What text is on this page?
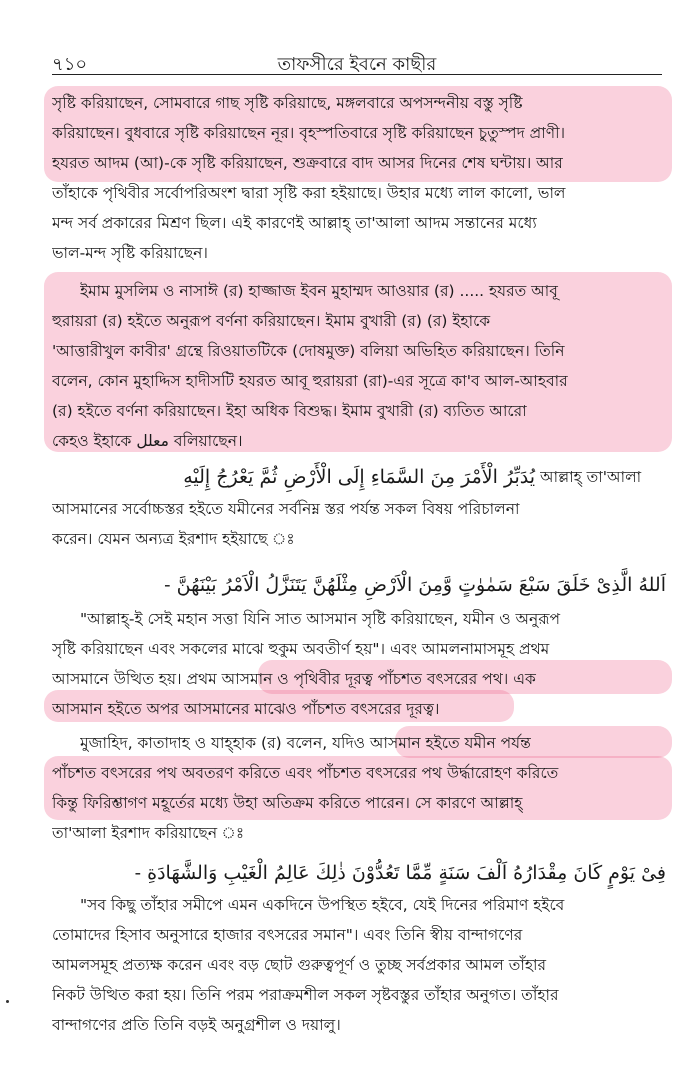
৭১০	তাফসীরে ইবনে কাছীর
সৃষ্টি করিয়াছেন, সোমবারে গাছ সৃষ্টি করিয়াছে, মঙ্গলবারে অপসন্দনীয় বস্তু সৃষ্টি
করিয়াছেন। বুধবারে সৃষ্টি করিয়াছেন নূর। বৃহস্পতিবারে সৃষ্টি করিয়াছেন চুতুস্পদ প্রাণী।
হযরত আদম (আ)-কে সৃষ্টি করিয়াছেন, শুক্রবারে বাদ আসর দিনের শেষ ঘন্টায়। আর
তাঁহাকে পৃথিবীর সর্বোপরিঅংশ দ্বারা সৃষ্টি করা হইয়াছে। উহার মধ্যে লাল কালো, ভাল
মন্দ সর্ব প্রকারের মিশ্রণ ছিল। এই কারণেই আল্লাহ্ তা'আলা আদম সন্তানের মধ্যে
ভাল-মন্দ সৃষ্টি করিয়াছেন।
ইমাম মুসলিম ও নাসাঈ (র) হাজ্জাজ ইবন মুহাম্মদ আওয়ার (র) ..... হযরত আবূ
হুরায়রা (র) হইতে অনুরূপ বর্ণনা করিয়াছেন। ইমাম বুখারী (র) (র) ইহাকে
'আত্তারীখুল কাবীর' গ্রন্থে রিওয়াতটিকে (দোষমুক্ত) বলিয়া অভিহিত করিয়াছেন। তিনি
বলেন, কোন মুহাদ্দিস হাদীসটি হযরত আবূ হুরায়রা (রা)-এর সূত্রে কা'ব আল-আহবার
(র) হইতে বর্ণনা করিয়াছেন। ইহা অধিক বিশুদ্ধ। ইমাম বুখারী (র) ব্যতিত আরো
কেহও ইহাকে معلل বলিয়াছেন।
يُدَبِّرُ الْأَمْرَ مِنَ السَّمَاءِ إِلَى الْأَرْضِ ثُمَّ يَعْرُجُ إِلَيْهِ আল্লাহ্ তা'আলা
আসমানের সর্বোচ্চস্তর হইতে যমীনের সর্বনিম্ন স্তর পর্যন্ত সকল বিষয় পরিচালনা
করেন। যেমন অন্যত্র ইরশাদ হইয়াছে ঃ
اَللهُ الَّذِىْ خَلَقَ سَبْعَ سَمٰوٰتٍ وَّمِنَ الْاَرْضِ مِثْلَهُنَّ يَتَنَزَّلُ الْاَمْرُ بَيْنَهُنَّ -
"আল্লাহ্-ই সেই মহান সত্তা যিনি সাত আসমান সৃষ্টি করিয়াছেন, যমীন ও অনুরূপ
সৃষ্টি করিয়াছেন এবং সকলের মাঝে হুকুম অবতীর্ণ হয়"। এবং আমলনামাসমূহ প্রথম
আসমানে উত্থিত হয়। প্রথম আসমান ও পৃথিবীর দূরত্ব পাঁচশত বৎসরের পথ। এক
আসমান হইতে অপর আসমানের মাঝেও পাঁচশত বৎসরের দূরত্ব।
মুজাহিদ, কাতাদাহ ও যাহ্হাক (র) বলেন, যদিও আসমান হইতে যমীন পর্যন্ত
পাঁচশত বৎসরের পথ অবতরণ করিতে এবং পাঁচশত বৎসরের পথ উর্দ্ধারোহণ করিতে
কিন্তু ফিরিশ্তাগণ মহূর্তের মধ্যে উহা অতিক্রম করিতে পারেন। সে কারণে আল্লাহ্
তা'আলা ইরশাদ করিয়াছেন ঃ
فِىْ يَوْمٍ كَانَ مِقْدَارُهُ اَلْفَ سَنَةٍ مِّمَّا تَعُدُّوْنَ ذٰلِكَ عَالِمُ الْغَيْبِ وَالشَّهَادَةِ -
"সব কিছু তাঁহার সমীপে এমন একদিনে উপস্থিত হইবে, যেই দিনের পরিমাণ হইবে
তোমাদের হিসাব অনুসারে হাজার বৎসরের সমান"। এবং তিনি স্বীয় বান্দাগণের
আমলসমূহ প্রত্যক্ষ করেন এবং বড় ছোট গুরুত্বপূর্ণ ও তুচ্ছ সর্বপ্রকার আমল তাঁহার
নিকট উত্থিত করা হয়। তিনি পরম পরাক্রমশীল সকল সৃষ্টবস্তুর তাঁহার অনুগত। তাঁহার
বান্দাগণের প্রতি তিনি বড়ই অনুগ্রশীল ও দয়ালু।
